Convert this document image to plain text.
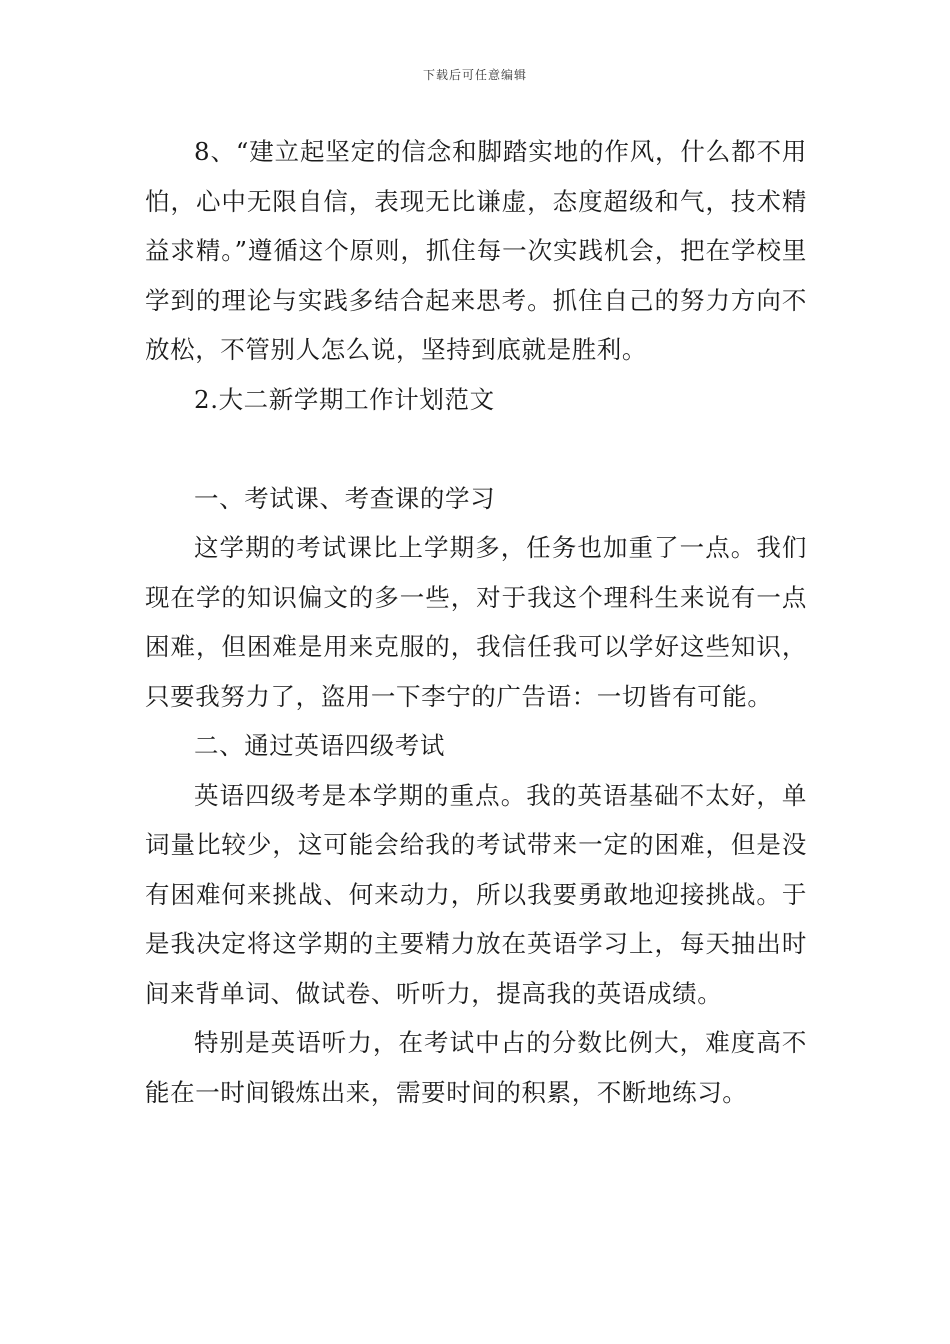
下载后可任意编辑

8、“建立起坚定的信念和脚踏实地的作风，什么都不用怕，心中无限自信，表现无比谦虚，态度超级和气，技术精益求精。”遵循这个原则，抓住每一次实践机会，把在学校里学到的理论与实践多结合起来思考。抓住自己的努力方向不放松，不管别人怎么说，坚持到底就是胜利。

2.大二新学期工作计划范文

一、考试课、考查课的学习

这学期的考试课比上学期多，任务也加重了一点。我们现在学的知识偏文的多一些，对于我这个理科生来说有一点困难，但困难是用来克服的，我信任我可以学好这些知识，只要我努力了，盗用一下李宁的广告语：一切皆有可能。

二、通过英语四级考试

英语四级考是本学期的重点。我的英语基础不太好，单词量比较少，这可能会给我的考试带来一定的困难，但是没有困难何来挑战、何来动力，所以我要勇敢地迎接挑战。于是我决定将这学期的主要精力放在英语学习上，每天抽出时间来背单词、做试卷、听听力，提高我的英语成绩。

特别是英语听力，在考试中占的分数比例大，难度高不能在一时间锻炼出来，需要时间的积累，不断地练习。
